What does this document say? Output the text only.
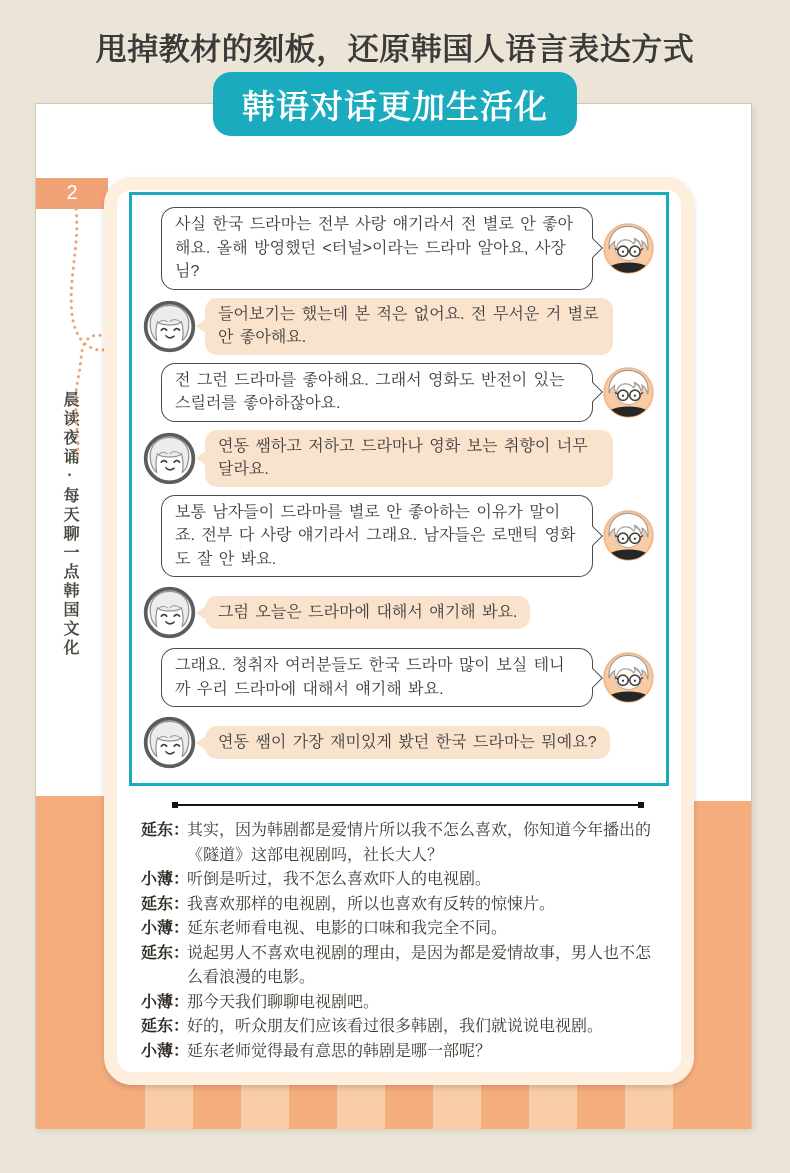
甩掉教材的刻板，还原韩国人语言表达方式
韩语对话更加生活化
2
晨读夜诵·每天聊一点韩国文化
사실 한국 드라마는 전부 사랑 얘기라서 전 별로 안 좋아해요. 올해 방영했던 <터널>이라는 드라마 알아요, 사장님?
들어보기는 했는데 본 적은 없어요. 전 무서운 거 별로 안 좋아해요.
전 그런 드라마를 좋아해요. 그래서 영화도 반전이 있는 스릴러를 좋아하잖아요.
연동 쌤하고 저하고 드라마나 영화 보는 취향이 너무 달라요.
보통 남자들이 드라마를 별로 안 좋아하는 이유가 말이죠. 전부 다 사랑 얘기라서 그래요. 남자들은 로맨틱 영화도 잘 안 봐요.
그럼 오늘은 드라마에 대해서 얘기해 봐요.
그래요. 청취자 여러분들도 한국 드라마 많이 보실 테니까 우리 드라마에 대해서 얘기해 봐요.
연동 쌤이 가장 재미있게 봤던 한국 드라마는 뭐예요?
延东：
其实，因为韩剧都是爱情片所以我不怎么喜欢，你知道今年播出的《隧道》这部电视剧吗，社长大人？
小薄：
听倒是听过，我不怎么喜欢吓人的电视剧。
延东：
我喜欢那样的电视剧，所以也喜欢有反转的惊悚片。
小薄：
延东老师看电视、电影的口味和我完全不同。
延东：
说起男人不喜欢电视剧的理由，是因为都是爱情故事，男人也不怎么看浪漫的电影。
小薄：
那今天我们聊聊电视剧吧。
延东：
好的，听众朋友们应该看过很多韩剧，我们就说说电视剧。
小薄：
延东老师觉得最有意思的韩剧是哪一部呢？
